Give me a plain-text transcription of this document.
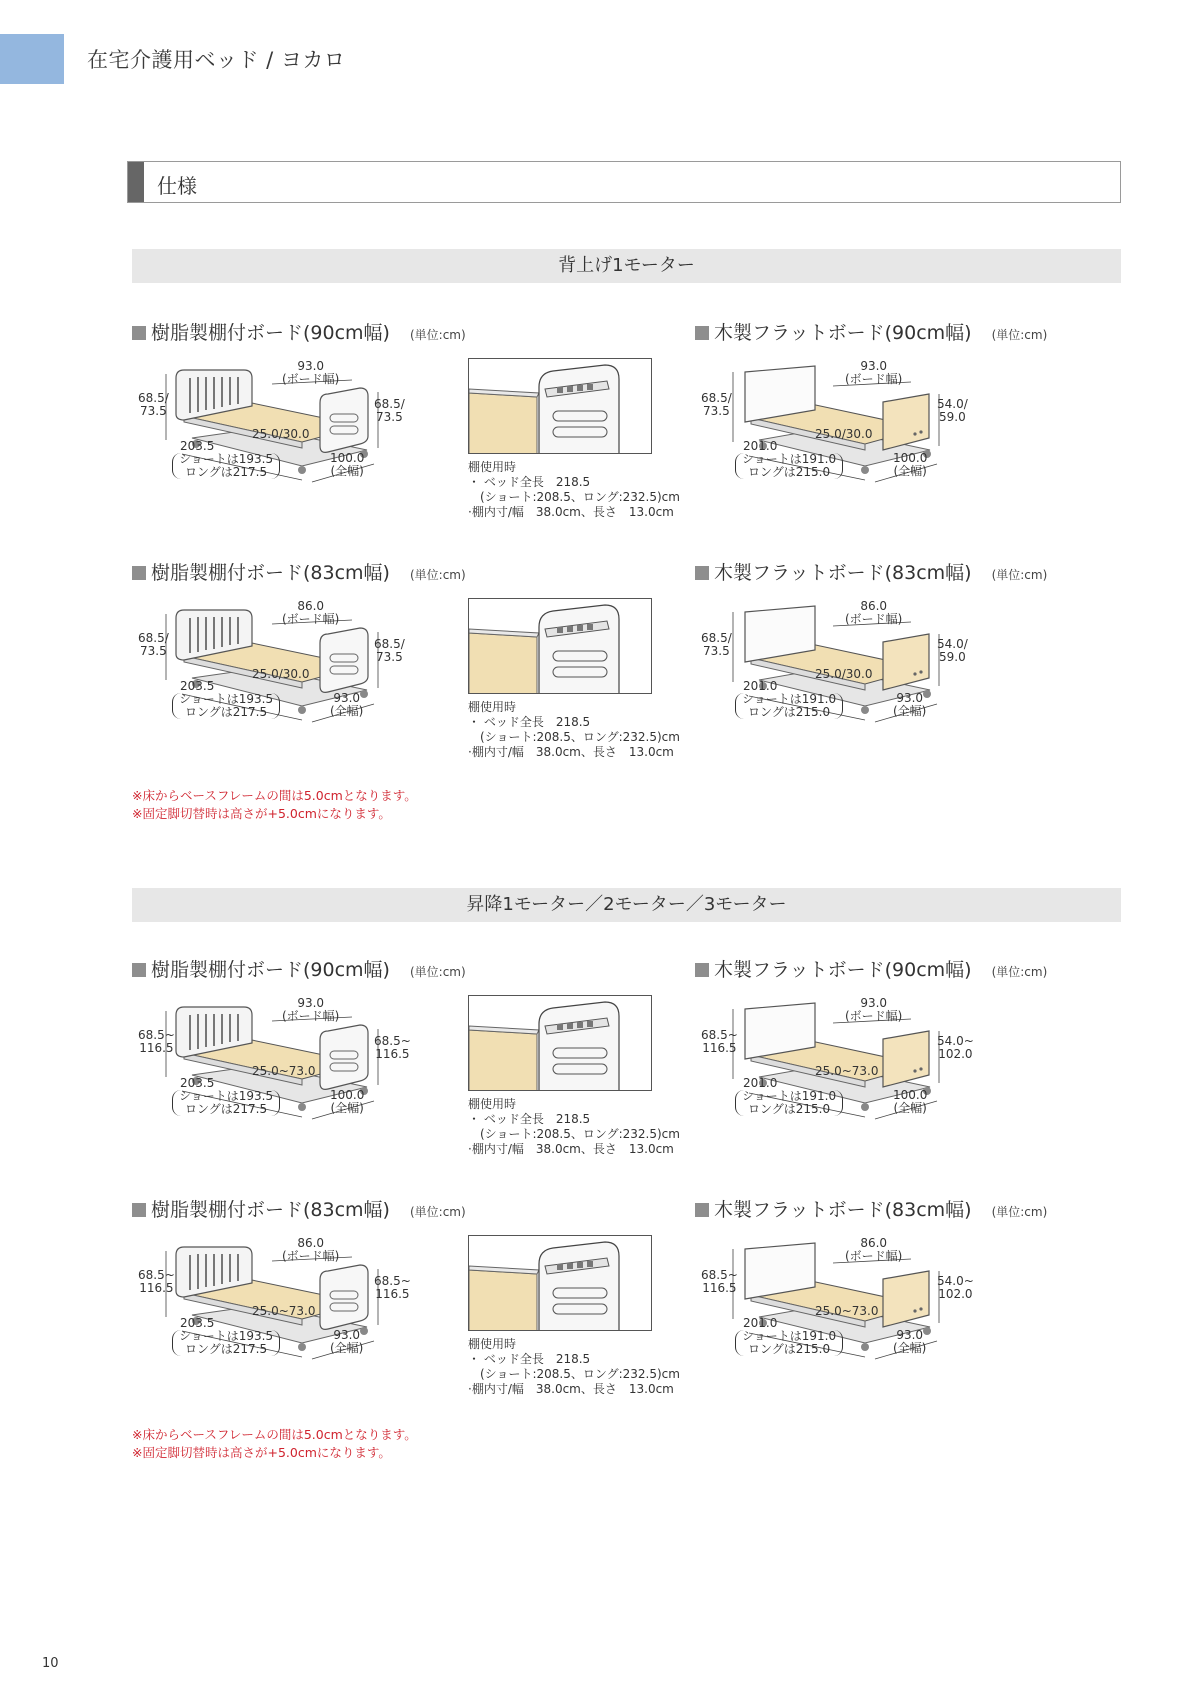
在宅介護用ベッド / ヨカロ
仕様
背上げ1モーター
昇降1モーター／2モーター／3モーター
樹脂製棚付ボード(90cm幅) (単位:cm)
68.5/
73.5
93.0
(ボード幅)
68.5/
73.5
25.0/30.0
203.5
ショートは193.5
ロングは217.5
100.0
(全幅)	棚使用時
・ ベッド全長　218.5
　(ショート:208.5、ロング:232.5)cm
·棚内寸/幅　38.0cm、長さ　13.0cm
木製フラットボード(90cm幅) (単位:cm)
68.5/
73.5
93.0
(ボード幅)
54.0/
59.0
25.0/30.0
201.0
ショートは191.0
ロングは215.0
100.0
(全幅)
樹脂製棚付ボード(83cm幅) (単位:cm)
68.5/
73.5
86.0
(ボード幅)
68.5/
73.5
25.0/30.0
203.5
ショートは193.5
ロングは217.5
93.0
(全幅)	棚使用時
・ ベッド全長　218.5
　(ショート:208.5、ロング:232.5)cm
·棚内寸/幅　38.0cm、長さ　13.0cm
木製フラットボード(83cm幅) (単位:cm)
68.5/
73.5
86.0
(ボード幅)
54.0/
59.0
25.0/30.0
201.0
ショートは191.0
ロングは215.0
93.0
(全幅)
樹脂製棚付ボード(90cm幅) (単位:cm)
68.5~
116.5
93.0
(ボード幅)
68.5~
116.5
25.0~73.0
203.5
ショートは193.5
ロングは217.5
100.0
(全幅)	棚使用時
・ ベッド全長　218.5
　(ショート:208.5、ロング:232.5)cm
·棚内寸/幅　38.0cm、長さ　13.0cm
木製フラットボード(90cm幅) (単位:cm)
68.5~
116.5
93.0
(ボード幅)
54.0~
102.0
25.0~73.0
201.0
ショートは191.0
ロングは215.0
100.0
(全幅)
樹脂製棚付ボード(83cm幅) (単位:cm)
68.5~
116.5
86.0
(ボード幅)
68.5~
116.5
25.0~73.0
203.5
ショートは193.5
ロングは217.5
93.0
(全幅)	棚使用時
・ ベッド全長　218.5
　(ショート:208.5、ロング:232.5)cm
·棚内寸/幅　38.0cm、長さ　13.0cm
木製フラットボード(83cm幅) (単位:cm)
68.5~
116.5
86.0
(ボード幅)
54.0~
102.0
25.0~73.0
201.0
ショートは191.0
ロングは215.0
93.0
(全幅)
※床からベースフレームの間は5.0cmとなります。
※固定脚切替時は高さが+5.0cmになります。
※床からベースフレームの間は5.0cmとなります。
※固定脚切替時は高さが+5.0cmになります。
10
